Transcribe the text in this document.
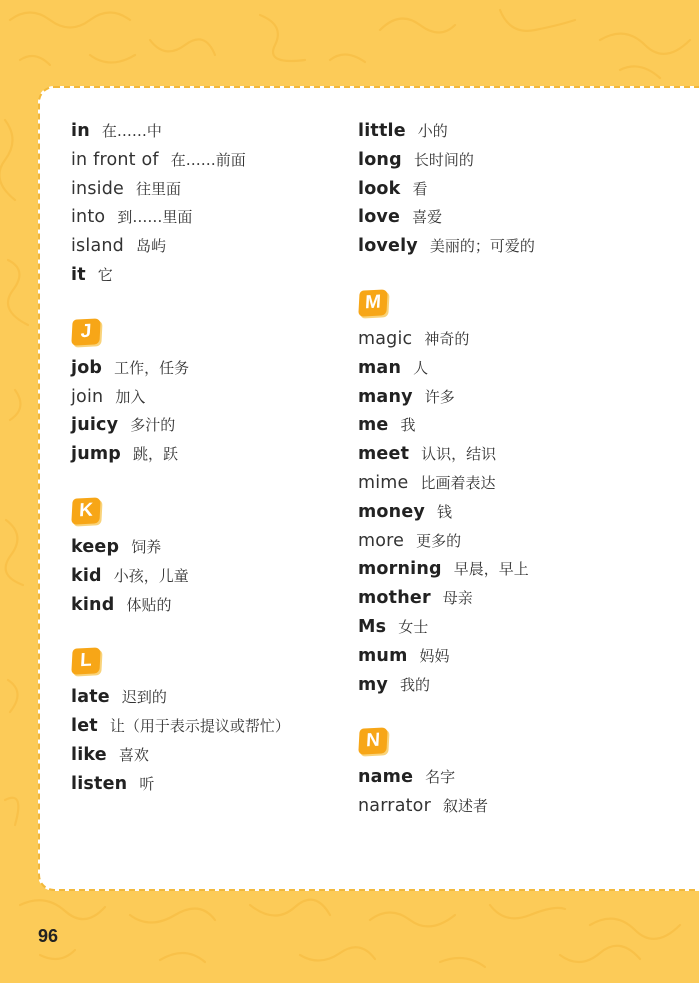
in 在……中
in front of 在……前面
inside 往里面
into 到……里面
island 岛屿
it 它
J
job 工作，任务
join 加入
juicy 多汁的
jump 跳，跃
K
keep 饲养
kid 小孩，儿童
kind 体贴的
L
late 迟到的
let 让（用于表示提议或帮忙）
like 喜欢
listen 听
little 小的
long 长时间的
look 看
love 喜爱
lovely 美丽的；可爱的
M
magic 神奇的
man 人
many 许多
me 我
meet 认识，结识
mime 比画着表达
money 钱
more 更多的
morning 早晨，早上
mother 母亲
Ms 女士
mum 妈妈
my 我的
N
name 名字
narrator 叙述者
96
